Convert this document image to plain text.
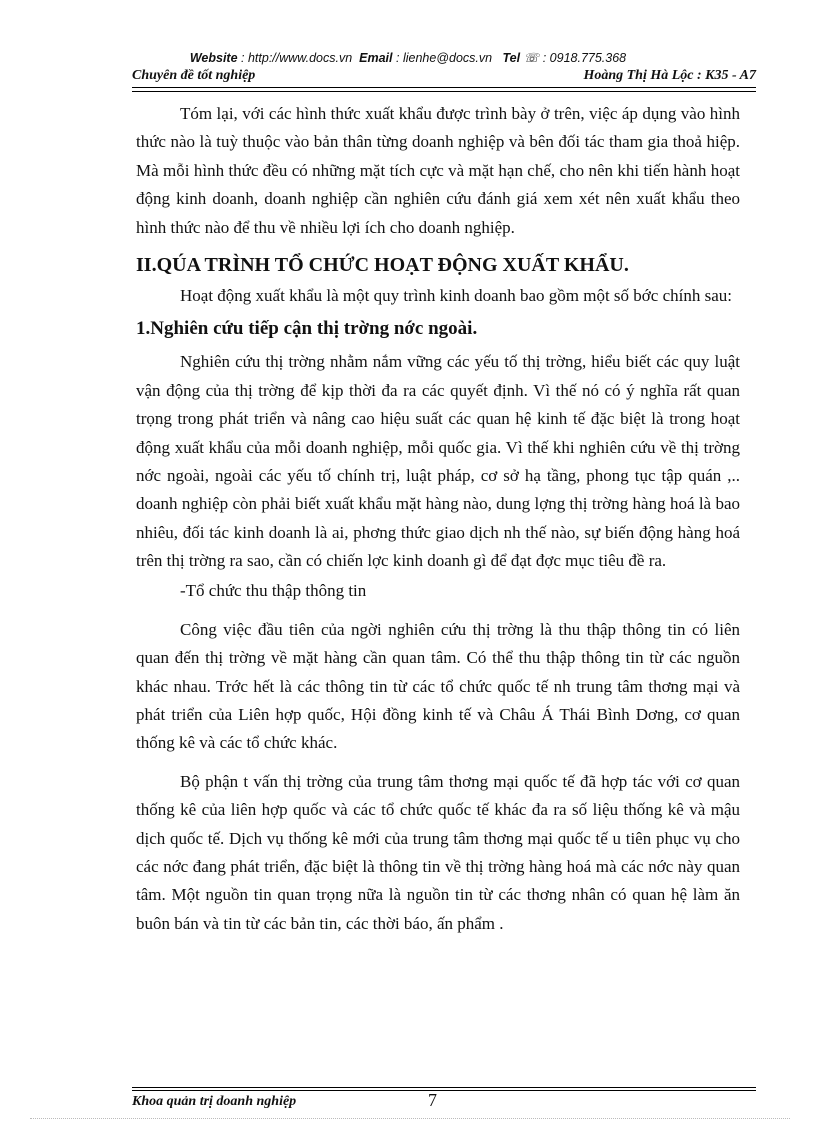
Website : http://www.docs.vn Email : lienhe@docs.vn Tel ☏ : 0918.775.368
Chuyên đề tốt nghiệp	Hoàng Thị Hà Lộc : K35 - A7

Tóm lại, với các hình thức xuất khẩu được trình bày ở trên, việc áp dụng vào hình thức nào là tuỳ thuộc vào bản thân từng doanh nghiệp và bên đối tác tham gia thoả hiệp. Mà mỗi hình thức đều có những mặt tích cực và mặt hạn chế, cho nên khi tiến hành hoạt động kinh doanh, doanh nghiệp cần nghiên cứu đánh giá xem xét nên xuất khẩu theo hình thức nào để thu về nhiều lợi ích cho doanh nghiệp.

II.QÚA TRÌNH TỔ CHỨC HOẠT ĐỘNG XUẤT KHẨU.

Hoạt động xuất khẩu là một quy trình kinh doanh bao gồm một số bớc chính sau:

1.Nghiên cứu tiếp cận thị trờng nớc ngoài.

Nghiên cứu thị trờng nhằm nắm vững các yếu tố thị trờng, hiểu biết các quy luật vận động của thị trờng để kịp thời đa ra các quyết định. Vì thế nó có ý nghĩa rất quan trọng trong phát triển và nâng cao hiệu suất các quan hệ kinh tế đặc biệt là trong hoạt động xuất khẩu của mỗi doanh nghiệp, mỗi quốc gia. Vì thế khi nghiên cứu về thị trờng nớc ngoài, ngoài các yếu tố chính trị, luật pháp, cơ sở hạ tầng, phong tục tập quán ,.. doanh nghiệp còn phải biết xuất khẩu mặt hàng nào, dung lợng thị trờng hàng hoá là bao nhiêu, đối tác kinh doanh là ai, phơng thức giao dịch nh thế nào, sự biến động hàng hoá trên thị trờng ra sao, cần có chiến lợc kinh doanh gì để đạt đợc mục tiêu đề ra.

-Tổ chức thu thập thông tin

Công việc đầu tiên của ngời nghiên cứu thị trờng là thu thập thông tin có liên quan đến thị trờng về mặt hàng cần quan tâm. Có thể thu thập thông tin từ các nguồn khác nhau. Trớc hết là các thông tin từ các tổ chức quốc tế nh trung tâm thơng mại và phát triển của Liên hợp quốc, Hội đồng kinh tế và Châu Á Thái Bình Dơng, cơ quan thống kê và các tổ chức khác.

Bộ phận t vấn thị trờng của trung tâm thơng mại quốc tế đã hợp tác với cơ quan thống kê của liên hợp quốc và các tổ chức quốc tế khác đa ra số liệu thống kê và mậu dịch quốc tế. Dịch vụ thống kê mới của trung tâm thơng mại quốc tế u tiên phục vụ cho các nớc đang phát triển, đặc biệt là thông tin về thị trờng hàng hoá mà các nớc này quan tâm. Một nguồn tin quan trọng nữa là nguồn tin từ các thơng nhân có quan hệ làm ăn buôn bán và tin từ các bản tin, các thời báo, ấn phẩm .

Khoa quản trị doanh nghiệp	7
